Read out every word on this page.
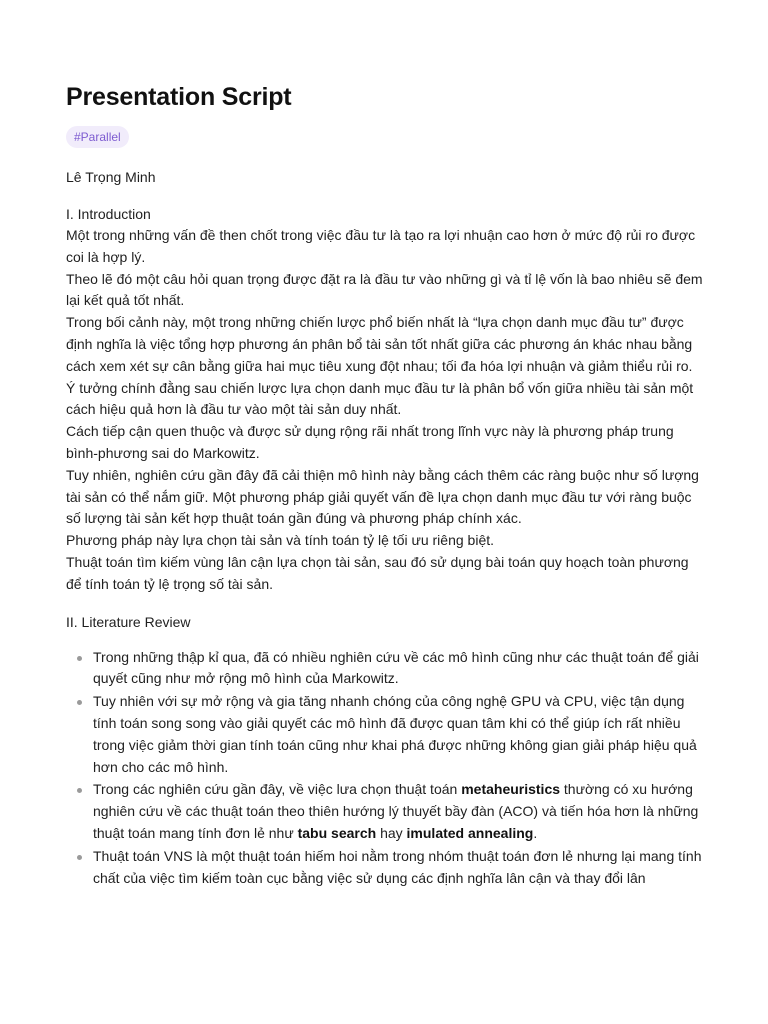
Presentation Script
#Parallel
Lê Trọng Minh
I. Introduction

Một trong những vấn đề then chốt trong việc đầu tư là tạo ra lợi nhuận cao hơn ở mức độ rủi ro được coi là hợp lý.

Theo lẽ đó một câu hỏi quan trọng được đặt ra là đầu tư vào những gì và tỉ lệ vốn là bao nhiêu sẽ đem lại kết quả tốt nhất.

Trong bối cảnh này, một trong những chiến lược phổ biến nhất là “lựa chọn danh mục đầu tư” được định nghĩa là việc tổng hợp phương án phân bổ tài sản tốt nhất giữa các phương án khác nhau bằng cách xem xét sự cân bằng giữa hai mục tiêu xung đột nhau; tối đa hóa lợi nhuận và giảm thiểu rủi ro.

Ý tưởng chính đằng sau chiến lược lựa chọn danh mục đầu tư là phân bổ vốn giữa nhiều tài sản một cách hiệu quả hơn là đầu tư vào một tài sản duy nhất.

Cách tiếp cận quen thuộc và được sử dụng rộng rãi nhất trong lĩnh vực này là phương pháp trung bình-phương sai do Markowitz.

Tuy nhiên, nghiên cứu gần đây đã cải thiện mô hình này bằng cách thêm các ràng buộc như số lượng tài sản có thể nắm giữ. Một phương pháp giải quyết vấn đề lựa chọn danh mục đầu tư với ràng buộc số lượng tài sản kết hợp thuật toán gần đúng và phương pháp chính xác.

Phương pháp này lựa chọn tài sản và tính toán tỷ lệ tối ưu riêng biệt.

Thuật toán tìm kiếm vùng lân cận lựa chọn tài sản, sau đó sử dụng bài toán quy hoạch toàn phương để tính toán tỷ lệ trọng số tài sản.

II. Literature Review
Trong những thập kỉ qua, đã có nhiều nghiên cứu về các mô hình cũng như các thuật toán để giải quyết cũng như mở rộng mô hình của Markowitz.
Tuy nhiên với sự mở rộng và gia tăng nhanh chóng của công nghệ GPU và CPU, việc tận dụng tính toán song song vào giải quyết các mô hình đã được quan tâm khi có thể giúp ích rất nhiều trong việc giảm thời gian tính toán cũng như khai phá được những không gian giải pháp hiệu quả hơn cho các mô hình.
Trong các nghiên cứu gần đây, về việc lưa chọn thuật toán metaheuristics thường có xu hướng nghiên cứu về các thuật toán theo thiên hướng lý thuyết bầy đàn (ACO) và tiến hóa hơn là những thuật toán mang tính đơn lẻ như tabu search hay imulated annealing.
Thuật toán VNS là một thuật toán hiếm hoi nằm trong nhóm thuật toán đơn lẻ nhưng lại mang tính chất của việc tìm kiếm toàn cục bằng việc sử dụng các định nghĩa lân cận và thay đổi lân
